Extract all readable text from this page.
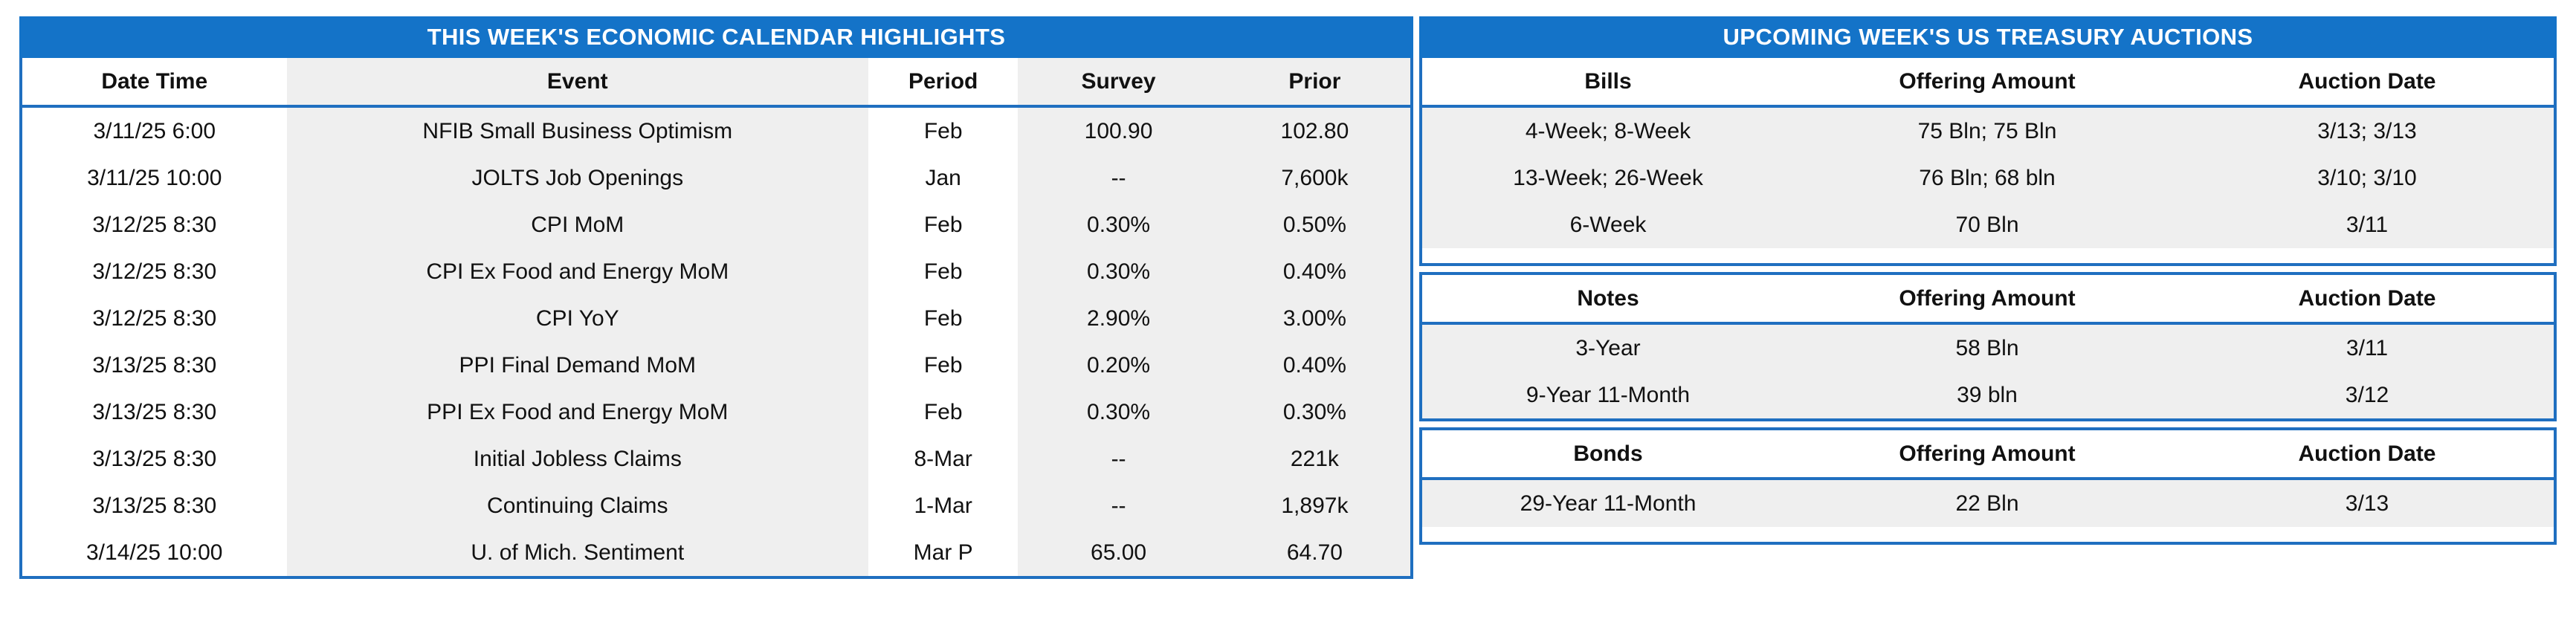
THIS WEEK'S ECONOMIC CALENDAR HIGHLIGHTS
Date Time	Event	Period	Survey	Prior
3/11/25 6:00	NFIB Small Business Optimism	Feb	100.90	102.80
3/11/25 10:00	JOLTS Job Openings	Jan	--	7,600k
3/12/25 8:30	CPI MoM	Feb	0.30%	0.50%
3/12/25 8:30	CPI Ex Food and Energy MoM	Feb	0.30%	0.40%
3/12/25 8:30	CPI YoY	Feb	2.90%	3.00%
3/13/25 8:30	PPI Final Demand MoM	Feb	0.20%	0.40%
3/13/25 8:30	PPI Ex Food and Energy MoM	Feb	0.30%	0.30%
3/13/25 8:30	Initial Jobless Claims	8-Mar	--	221k
3/13/25 8:30	Continuing Claims	1-Mar	--	1,897k
3/14/25 10:00	U. of Mich. Sentiment	Mar P	65.00	64.70
UPCOMING WEEK'S US TREASURY AUCTIONS
Bills	Offering Amount	Auction Date
4-Week; 8-Week	75 Bln; 75 Bln	3/13; 3/13
13-Week; 26-Week	76 Bln; 68 bln	3/10; 3/10
6-Week	70 Bln	3/11

Notes	Offering Amount	Auction Date
3-Year	58 Bln	3/11
9-Year 11-Month	39 bln	3/12
Bonds	Offering Amount	Auction Date
29-Year 11-Month	22 Bln	3/13
